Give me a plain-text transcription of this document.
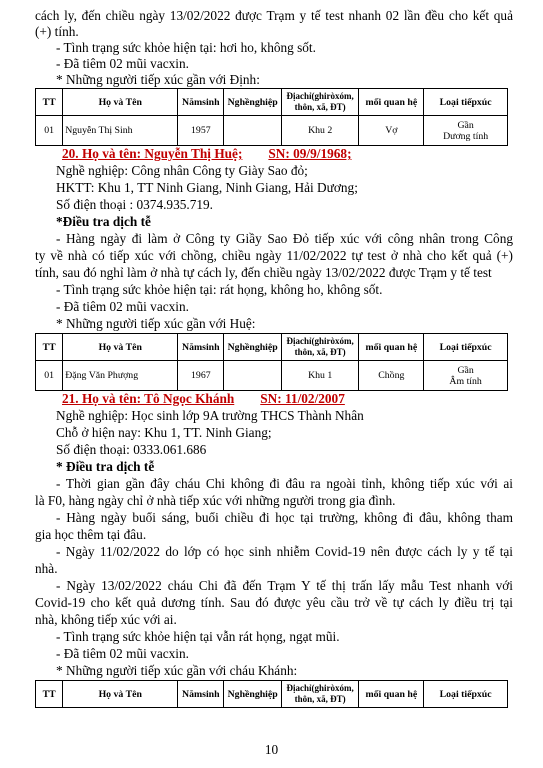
cách ly, đến chiều ngày 13/02/2022 được Trạm y tế test nhanh 02 lần đều cho kết quả
(+) tính.
- Tình trạng sức khỏe hiện tại: hơi ho, không sốt.
- Đã tiêm 02 mũi vacxin.
* Những người tiếp xúc gần với Định:
TT	Họ và Tên	Nămsinh	Nghềnghiệp	Địachỉ(ghiròxóm,
thôn, xã, ĐT)	mối quan hệ	Loại tiếpxúc
01	Nguyễn Thị Sinh	1957		Khu 2	Vợ	Gần
Dương tính
20. Họ và tên: Nguyễn Thị Huệ; SN: 09/9/1968;
Nghề nghiệp: Công nhân Công ty Giày Sao đỏ;
HKTT: Khu 1, TT Ninh Giang, Ninh Giang, Hải Dương;
Số điện thoại : 0374.935.719.
*Điều tra dịch tễ
- Hàng ngày đi làm ở Công ty Giầy Sao Đỏ tiếp xúc với công nhân trong Công
ty về nhà có tiếp xúc với chồng, chiều ngày 11/02/2022 tự test ở nhà cho kết quả (+)
tính, sau đó nghỉ làm ở nhà tự cách ly, đến chiều ngày 13/02/2022 được Trạm y tế test
- Tình trạng sức khỏe hiện tại: rát họng, không ho, không sốt.
- Đã tiêm 02 mũi vacxin.
* Những người tiếp xúc gần với Huệ:
TT	Họ và Tên	Nămsinh	Nghềnghiệp	Địachỉ(ghiròxóm,
thôn, xã, ĐT)	mối quan hệ	Loại tiếpxúc
01	Đặng Văn Phượng	1967		Khu 1	Chồng	Gần
Âm tính
21. Họ và tên: Tô Ngọc Khánh SN: 11/02/2007
Nghề nghiệp: Học sinh lớp 9A trường THCS Thành Nhân
Chỗ ở hiện nay: Khu 1, TT. Ninh Giang;
Số điện thoại: 0333.061.686
* Điều tra dịch tễ
- Thời gian gần đây cháu Chi không đi đâu ra ngoài tỉnh, không tiếp xúc với ai
là F0, hàng ngày chỉ ở nhà tiếp xúc với những người trong gia đình.
- Hàng ngày buổi sáng, buổi chiều đi học tại trường, không đi đâu, không tham
gia học thêm tại đâu.
- Ngày 11/02/2022 do lớp có học sinh nhiễm Covid-19 nên được cách ly y tế tại
nhà.
- Ngày 13/02/2022 cháu Chi đã đến Trạm Y tế thị trấn lấy mẫu Test nhanh với
Covid-19 cho kết quả dương tính. Sau đó được yêu cầu trở về tự cách ly điều trị tại
nhà, không tiếp xúc với ai.
- Tình trạng sức khỏe hiện tại vẫn rát họng, ngạt mũi.
- Đã tiêm 02 mũi vacxin.
* Những người tiếp xúc gần với cháu Khánh:
TT	Họ và Tên	Nămsinh	Nghềnghiệp	Địachỉ(ghiròxóm,
thôn, xã, ĐT)	mối quan hệ	Loại tiếpxúc
10
